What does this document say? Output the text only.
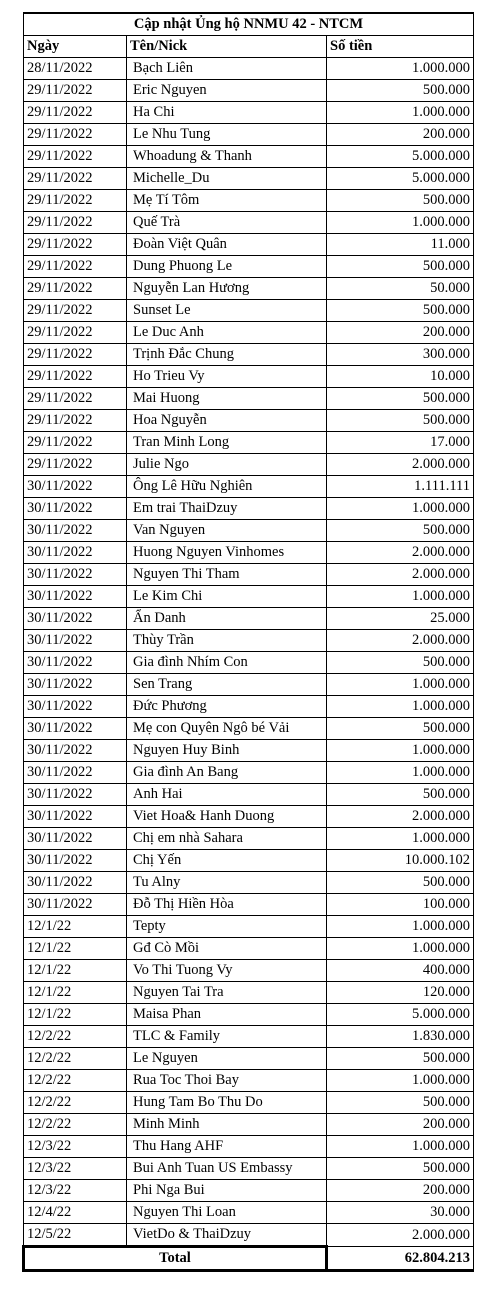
Cập nhật Ủng hộ NNMU 42 - NTCM		
Ngày	Tên/Nick	Số tiền
28/11/2022	Bạch Liên	1.000.000
29/11/2022	Eric Nguyen	500.000
29/11/2022	Ha Chi	1.000.000
29/11/2022	Le Nhu Tung	200.000
29/11/2022	Whoadung & Thanh	5.000.000
29/11/2022	Michelle_Du	5.000.000
29/11/2022	Mẹ Tí Tôm	500.000
29/11/2022	Quế Trà	1.000.000
29/11/2022	Đoàn Việt Quân	11.000
29/11/2022	Dung Phuong Le	500.000
29/11/2022	Nguyễn Lan Hương	50.000
29/11/2022	Sunset Le	500.000
29/11/2022	Le Duc Anh	200.000
29/11/2022	Trịnh Đắc Chung	300.000
29/11/2022	Ho Trieu Vy	10.000
29/11/2022	Mai Huong	500.000
29/11/2022	Hoa Nguyễn	500.000
29/11/2022	Tran Minh Long	17.000
29/11/2022	Julie Ngo	2.000.000
30/11/2022	Ông Lê Hữu Nghiên	1.111.111
30/11/2022	Em trai ThaiDzuy	1.000.000
30/11/2022	Van Nguyen	500.000
30/11/2022	Huong Nguyen Vinhomes	2.000.000
30/11/2022	Nguyen Thi Tham	2.000.000
30/11/2022	Le Kim Chi	1.000.000
30/11/2022	Ẩn Danh	25.000
30/11/2022	Thùy Trần	2.000.000
30/11/2022	Gia đình Nhím Con	500.000
30/11/2022	Sen Trang	1.000.000
30/11/2022	Đức Phương	1.000.000
30/11/2022	Mẹ con Quyên Ngô bé Vải	500.000
30/11/2022	Nguyen Huy Binh	1.000.000
30/11/2022	Gia đình An Bang	1.000.000
30/11/2022	Anh Hai	500.000
30/11/2022	Viet Hoa& Hanh Duong	2.000.000
30/11/2022	Chị em nhà Sahara	1.000.000
30/11/2022	Chị Yến	10.000.102
30/11/2022	Tu Alny	500.000
30/11/2022	Đỗ Thị Hiền Hòa	100.000
12/1/22	Tepty	1.000.000
12/1/22	Gđ Cò Mồi	1.000.000
12/1/22	Vo Thi Tuong Vy	400.000
12/1/22	Nguyen Tai Tra	120.000
12/1/22	Maisa Phan	5.000.000
12/2/22	TLC & Family	1.830.000
12/2/22	Le Nguyen	500.000
12/2/22	Rua Toc Thoi Bay	1.000.000
12/2/22	Hung Tam Bo Thu Do	500.000
12/2/22	Minh Minh	200.000
12/3/22	Thu Hang AHF	1.000.000
12/3/22	Bui Anh Tuan US Embassy	500.000
12/3/22	Phi Nga Bui	200.000
12/4/22	Nguyen Thi Loan	30.000
12/5/22	VietDo & ThaiDzuy	2.000.000
Total		62.804.213
